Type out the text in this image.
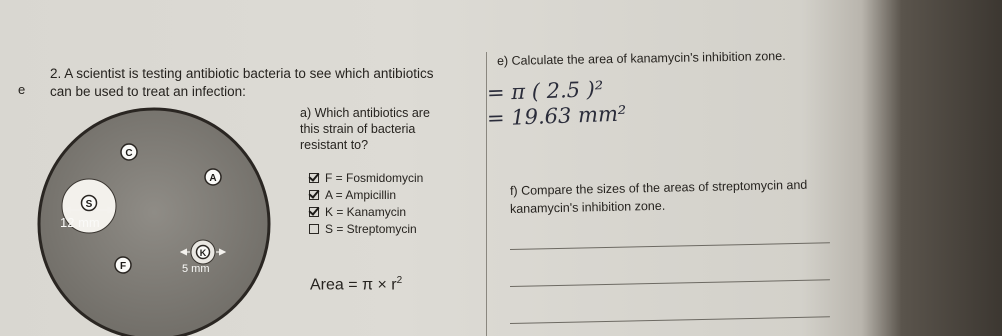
e
2. A scientist is testing antibiotic bacteria to see which antibiotics
can be used to treat an infection:
S
12 mm
K
5 mm
C
A
F
a) Which antibiotics are
this strain of bacteria
resistant to?
F = Fosmidomycin
A = Ampicillin
K = Kanamycin
S = Streptomycin
Area = $\pi \times r^2$
e) Calculate the area of kanamycin's inhibition zone.
= π ( 2.5 )²
= 19.63 mm²
f) Compare the sizes of the areas of streptomycin and
kanamycin's inhibition zone.
